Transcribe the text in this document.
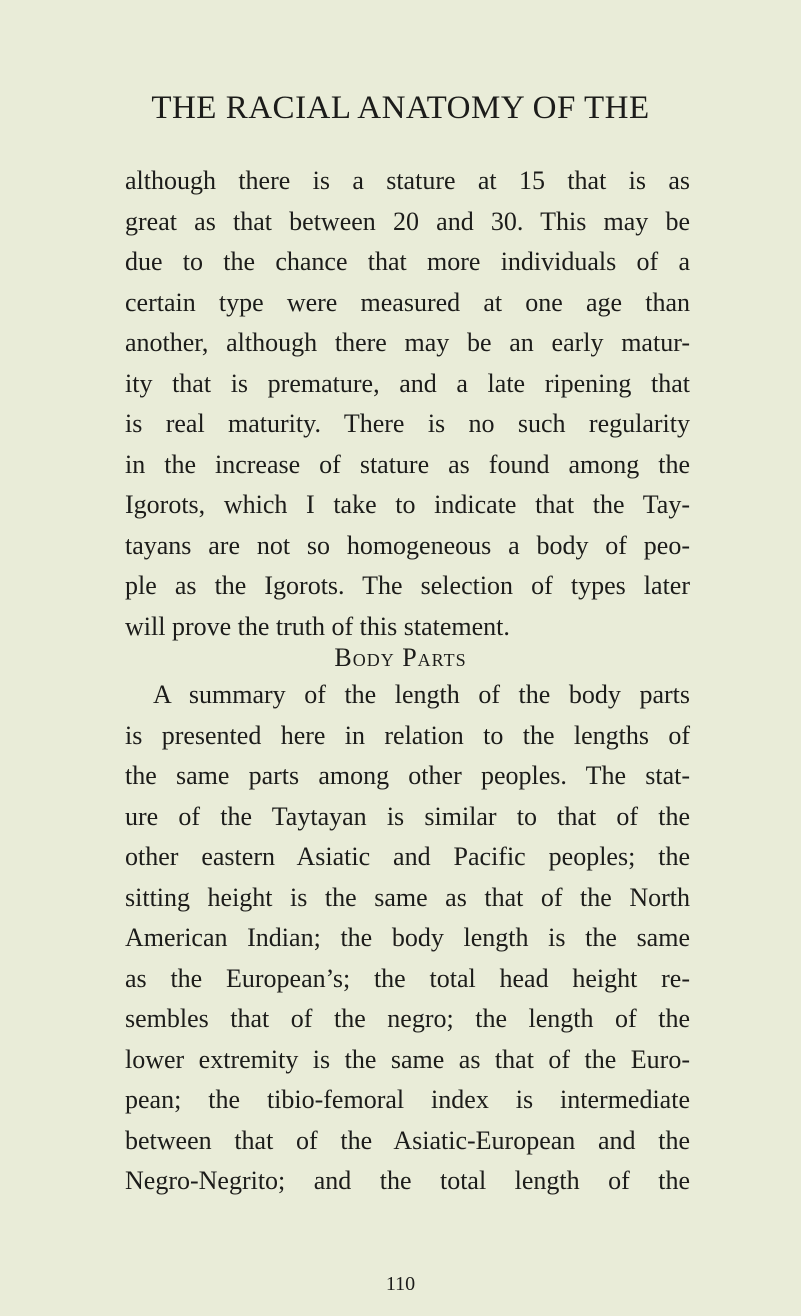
THE RACIAL ANATOMY OF THE
although there is a stature at 15 that is as
great as that between 20 and 30. This may be
due to the chance that more individuals of a
certain type were measured at one age than
another, although there may be an early matur-
ity that is premature, and a late ripening that
is real maturity. There is no such regularity
in the increase of stature as found among the
Igorots, which I take to indicate that the Tay-
tayans are not so homogeneous a body of peo-
ple as the Igorots. The selection of types later
will prove the truth of this statement.
Body Parts
A summary of the length of the body parts
is presented here in relation to the lengths of
the same parts among other peoples. The stat-
ure of the Taytayan is similar to that of the
other eastern Asiatic and Pacific peoples; the
sitting height is the same as that of the North
American Indian; the body length is the same
as the European’s; the total head height re-
sembles that of the negro; the length of the
lower extremity is the same as that of the Euro-
pean; the tibio-femoral index is intermediate
between that of the Asiatic-European and the
Negro-Negrito; and the total length of the
110
